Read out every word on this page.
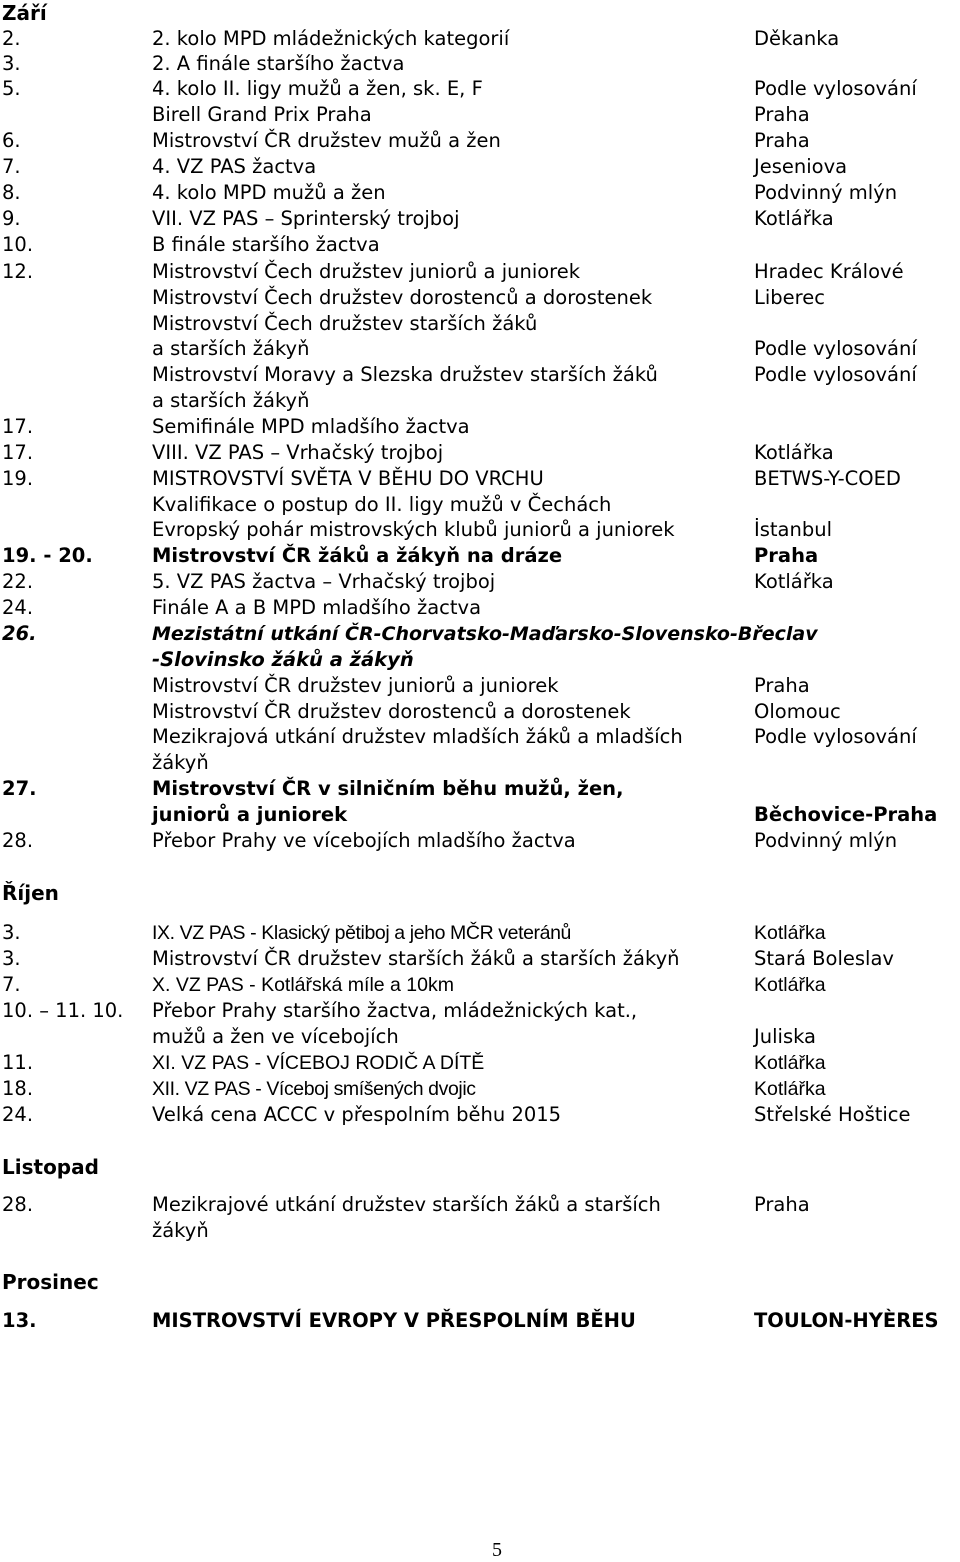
Září
2.	2. kolo MPD mládežnických kategorií	Děkanka
3.	2. A finále staršího žactva
5.	4. kolo II. ligy mužů a žen, sk. E, F	Podle vylosování
Birell Grand Prix Praha	Praha
6.	Mistrovství ČR družstev mužů a žen	Praha
7.	4. VZ PAS žactva	Jeseniova
8.	4. kolo MPD mužů a žen	Podvinný mlýn
9.	VII. VZ PAS – Sprinterský trojboj	Kotlářka
10.	B finále staršího žactva
12.	Mistrovství Čech družstev juniorů a juniorek	Hradec Králové
Mistrovství Čech družstev dorostenců a dorostenek	Liberec
Mistrovství Čech družstev starších žáků
a starších žákyň	Podle vylosování
Mistrovství Moravy a Slezska družstev starších žáků	Podle vylosování
a starších žákyň
17.	Semifinále MPD mladšího žactva
17.	VIII. VZ PAS – Vrhačský trojboj	Kotlářka
19.	MISTROVSTVÍ SVĚTA V BĚHU DO VRCHU	BETWS-Y-COED
Kvalifikace o postup do II. ligy mužů v Čechách
Evropský pohár mistrovských klubů juniorů a juniorek	İstanbul
19. - 20.	Mistrovství ČR žáků a žákyň na dráze	Praha
22.	5. VZ PAS žactva – Vrhačský trojboj	Kotlářka
24.	Finále A a B MPD mladšího žactva
26.	Mezistátní utkání ČR-Chorvatsko-Maďarsko-Slovensko-Břeclav
-Slovinsko žáků a žákyň
Mistrovství ČR družstev juniorů a juniorek	Praha
Mistrovství ČR družstev dorostenců a dorostenek	Olomouc
Mezikrajová utkání družstev mladších žáků a mladších	Podle vylosování
žákyň
27.	Mistrovství ČR v silničním běhu mužů, žen,
juniorů a juniorek	Běchovice-Praha
28.	Přebor Prahy ve vícebojích mladšího žactva	Podvinný mlýn
Říjen
3.	IX. VZ PAS - Klasický pětiboj a jeho MČR veteránů	Kotlářka
3.	Mistrovství ČR družstev starších žáků a starších žákyň	Stará Boleslav
7.	X. VZ PAS - Kotlářská míle a 10km	Kotlářka
10. – 11. 10. Přebor Prahy staršího žactva, mládežnických kat.,
mužů a žen ve vícebojích	Juliska
11.	XI. VZ PAS - VÍCEBOJ RODIČ A DÍTĚ	Kotlářka
18.	XII. VZ PAS - Víceboj smíšených dvojic	Kotlářka
24.	Velká cena ACCC v přespolním běhu 2015	Střelské Hoštice
Listopad
28.	Mezikrajové utkání družstev starších žáků a starších	Praha
žákyň
Prosinec
13.	MISTROVSTVÍ EVROPY V PŘESPOLNÍM BĚHU	TOULON-HYÈRES
5
